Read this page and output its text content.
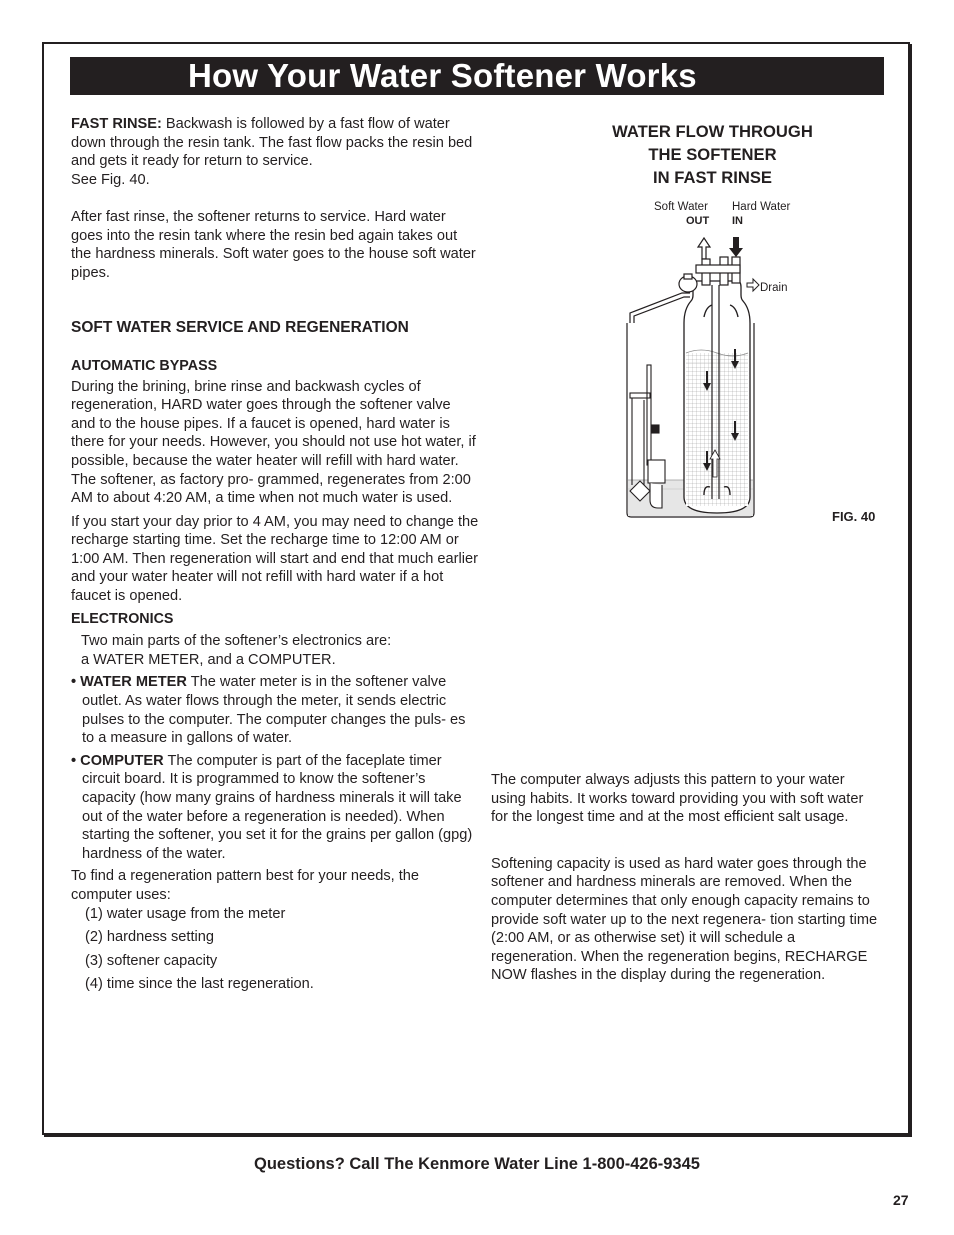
How Your Water Softener Works

FAST RINSE: Backwash is followed by a fast flow of water down through the resin tank. The fast flow packs the resin bed and gets it ready for return to service.
See Fig. 40.

After fast rinse, the softener returns to service. Hard water goes into the resin tank where the resin bed again takes out the hardness minerals. Soft water goes to the house soft water pipes.

SOFT WATER SERVICE AND REGENERATION

AUTOMATIC BYPASS

During the brining, brine rinse and backwash cycles of regeneration, HARD water goes through the softener valve and to the house pipes. If a faucet is opened, hard water is there for your needs. However, you should not use hot water, if possible, because the water heater will refill with hard water. The softener, as factory pro- grammed, regenerates from 2:00 AM to about 4:20 AM, a time when not much water is used.

If you start your day prior to 4 AM, you may need to change the recharge starting time. Set the recharge time to 12:00 AM or 1:00 AM. Then regeneration will start and end that much earlier and your water heater will not refill with hard water if a hot faucet is opened.

ELECTRONICS

Two main parts of the softener’s electronics are:

a WATER METER, and a COMPUTER.

• WATER METER The water meter is in the softener valve outlet. As water flows through the meter, it sends electric pulses to the computer. The computer changes the puls- es to a measure in gallons of water.

• COMPUTER The computer is part of the faceplate timer circuit board. It is programmed to know the softener’s capacity (how many grains of hardness minerals it will take out of the water before a regeneration is needed). When starting the softener, you set it for the grains per gallon (gpg) hardness of the water.

To find a regeneration pattern best for your needs, the computer uses:

(1) water usage from the meter

(2) hardness setting

(3) softener capacity

(4) time since the last regeneration.

WATER FLOW THROUGH
THE SOFTENER
IN FAST RINSE
Soft Water
OUT
Hard Water
IN
Drain
FIG. 40

The computer always adjusts this pattern to your water using habits. It works toward providing you with soft water for the longest time and at the most efficient salt usage.

Softening capacity is used as hard water goes through the softener and hardness minerals are removed. When the computer determines that only enough capacity remains to provide soft water up to the next regenera- tion starting time (2:00 AM, or as otherwise set) it will schedule a regeneration. When the regeneration begins, RECHARGE NOW flashes in the display during the regeneration.

Questions? Call The Kenmore Water Line 1-800-426-9345
27
